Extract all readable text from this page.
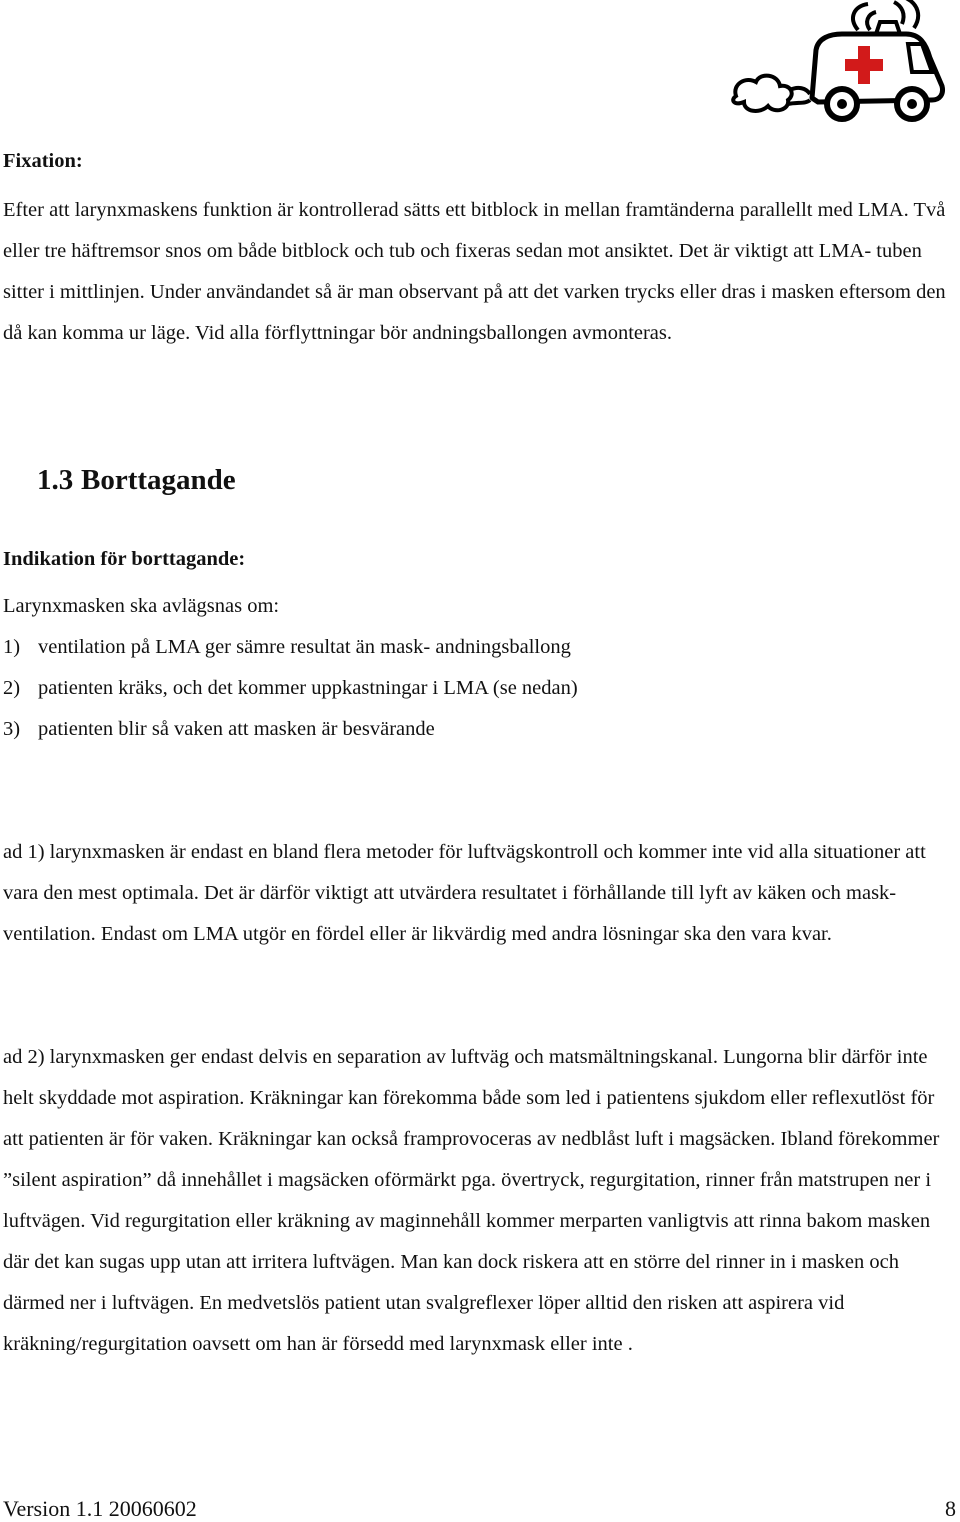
Fixation:

Efter att larynxmaskens funktion är kontrollerad sätts ett bitblock in mellan framtänderna parallellt med LMA. Två eller tre häftremsor snos om både bitblock och tub och fixeras sedan mot ansiktet. Det är viktigt att LMA- tuben sitter i mittlinjen. Under användandet så är man observant på att det varken trycks eller dras i masken eftersom den då kan komma ur läge. Vid alla förflyttningar bör andningsballongen avmonteras.

1.3 Borttagande

Indikation för borttagande:

Larynxmasken ska avlägsnas om:

1) ventilation på LMA ger sämre resultat än mask- andningsballong

2) patienten kräks, och det kommer uppkastningar i LMA (se nedan)

3) patienten blir så vaken att masken är besvärande

ad 1) larynxmasken är endast en bland flera metoder för luftvägskontroll och kommer inte vid alla situationer att vara den mest optimala. Det är därför viktigt att utvärdera resultatet i förhållande till lyft av käken och mask-ventilation. Endast om LMA utgör en fördel eller är likvärdig med andra lösningar ska den vara kvar.

ad 2) larynxmasken ger endast delvis en separation av luftväg och matsmältningskanal. Lungorna blir därför inte helt skyddade mot aspiration. Kräkningar kan förekomma både som led i patientens sjukdom eller reflexutlöst för att patienten är för vaken. Kräkningar kan också framprovoceras av nedblåst luft i magsäcken. Ibland förekommer ”silent aspiration” då innehållet i magsäcken oförmärkt pga. övertryck, regurgitation, rinner från matstrupen ner i luftvägen. Vid regurgitation eller kräkning av maginnehåll kommer merparten vanligtvis att rinna bakom masken där det kan sugas upp utan att irritera luftvägen. Man kan dock riskera att en större del rinner in i masken och därmed ner i luftvägen. En medvetslös patient utan svalgreflexer löper alltid den risken att aspirera vid kräkning/regurgitation oavsett om han är försedd med larynxmask eller inte .

Version 1.1 20060602	8
